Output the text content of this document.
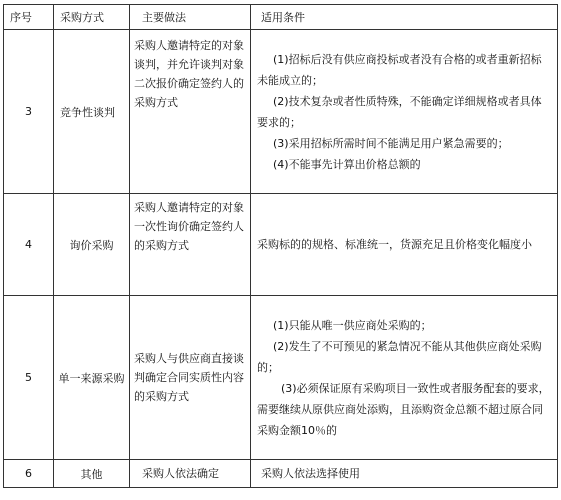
序号	采购方式	主要做法	适用条件
3	竞争性谈判	采购人邀请特定的对象谈判，并允许谈判对象二次报价确定签约人的采购方式	(1)招标后没有供应商投标或者没有合格的或者重新招标未能成立的；
(2)技术复杂或者性质特殊，不能确定详细规格或者具体要求的；
(3)采用招标所需时间不能满足用户紧急需要的；
(4)不能事先计算出价格总额的

4	询价采购	采购人邀请特定的对象一次性询价确定签约人的采购方式	采购标的的规格、标准统一，货源充足且价格变化幅度小

5	单一来源采购	采购人与供应商直接谈判确定合同实质性内容的采购方式	(1)只能从唯一供应商处采购的；
(2)发生了不可预见的紧急情况不能从其他供应商处采购的；
(3)必须保证原有采购项目一致性或者服务配套的要求，需要继续从原供应商处添购，且添购资金总额不超过原合同采购金额10％的

6	其他	采购人依法确定	采购人依法选择使用
